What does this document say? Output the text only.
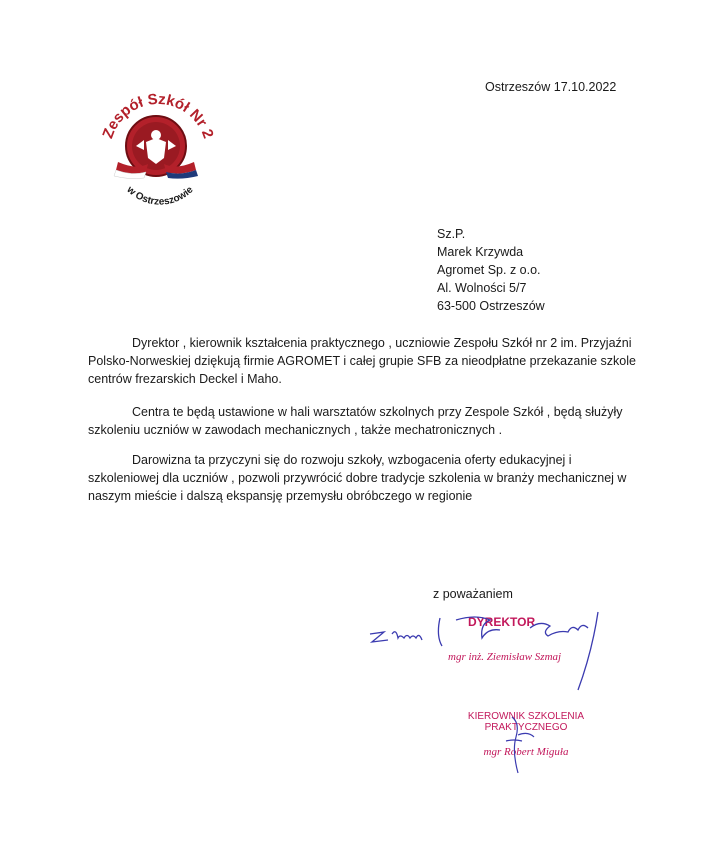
Zespół Szkół Nr 2
w Ostrzeszowie
Ostrzeszów 17.10.2022
Sz.P.
Marek Krzywda
Agromet Sp. z o.o.
Al. Wolności 5/7
63-500 Ostrzeszów
Dyrektor , kierownik kształcenia praktycznego , uczniowie Zespołu Szkół nr 2 im. Przyjaźni Polsko-Norweskiej dziękują firmie AGROMET i całej grupie SFB za nieodpłatne przekazanie szkole centrów frezarskich Deckel i Maho.
Centra te będą ustawione w hali warsztatów szkolnych przy Zespole Szkół , będą służyły szkoleniu uczniów w zawodach mechanicznych , także mechatronicznych .
Darowizna ta przyczyni się do rozwoju szkoły, wzbogacenia oferty edukacyjnej i szkoleniowej dla uczniów , pozwoli przywrócić dobre tradycje szkolenia w branży mechanicznej w naszym mieście i dalszą ekspansję przemysłu obróbczego w regionie
z poważaniem
DYREKTOR
mgr inż. Ziemisław Szmaj
KIEROWNIK SZKOLENIA
PRAKTYCZNEGO
mgr Robert Miguła
